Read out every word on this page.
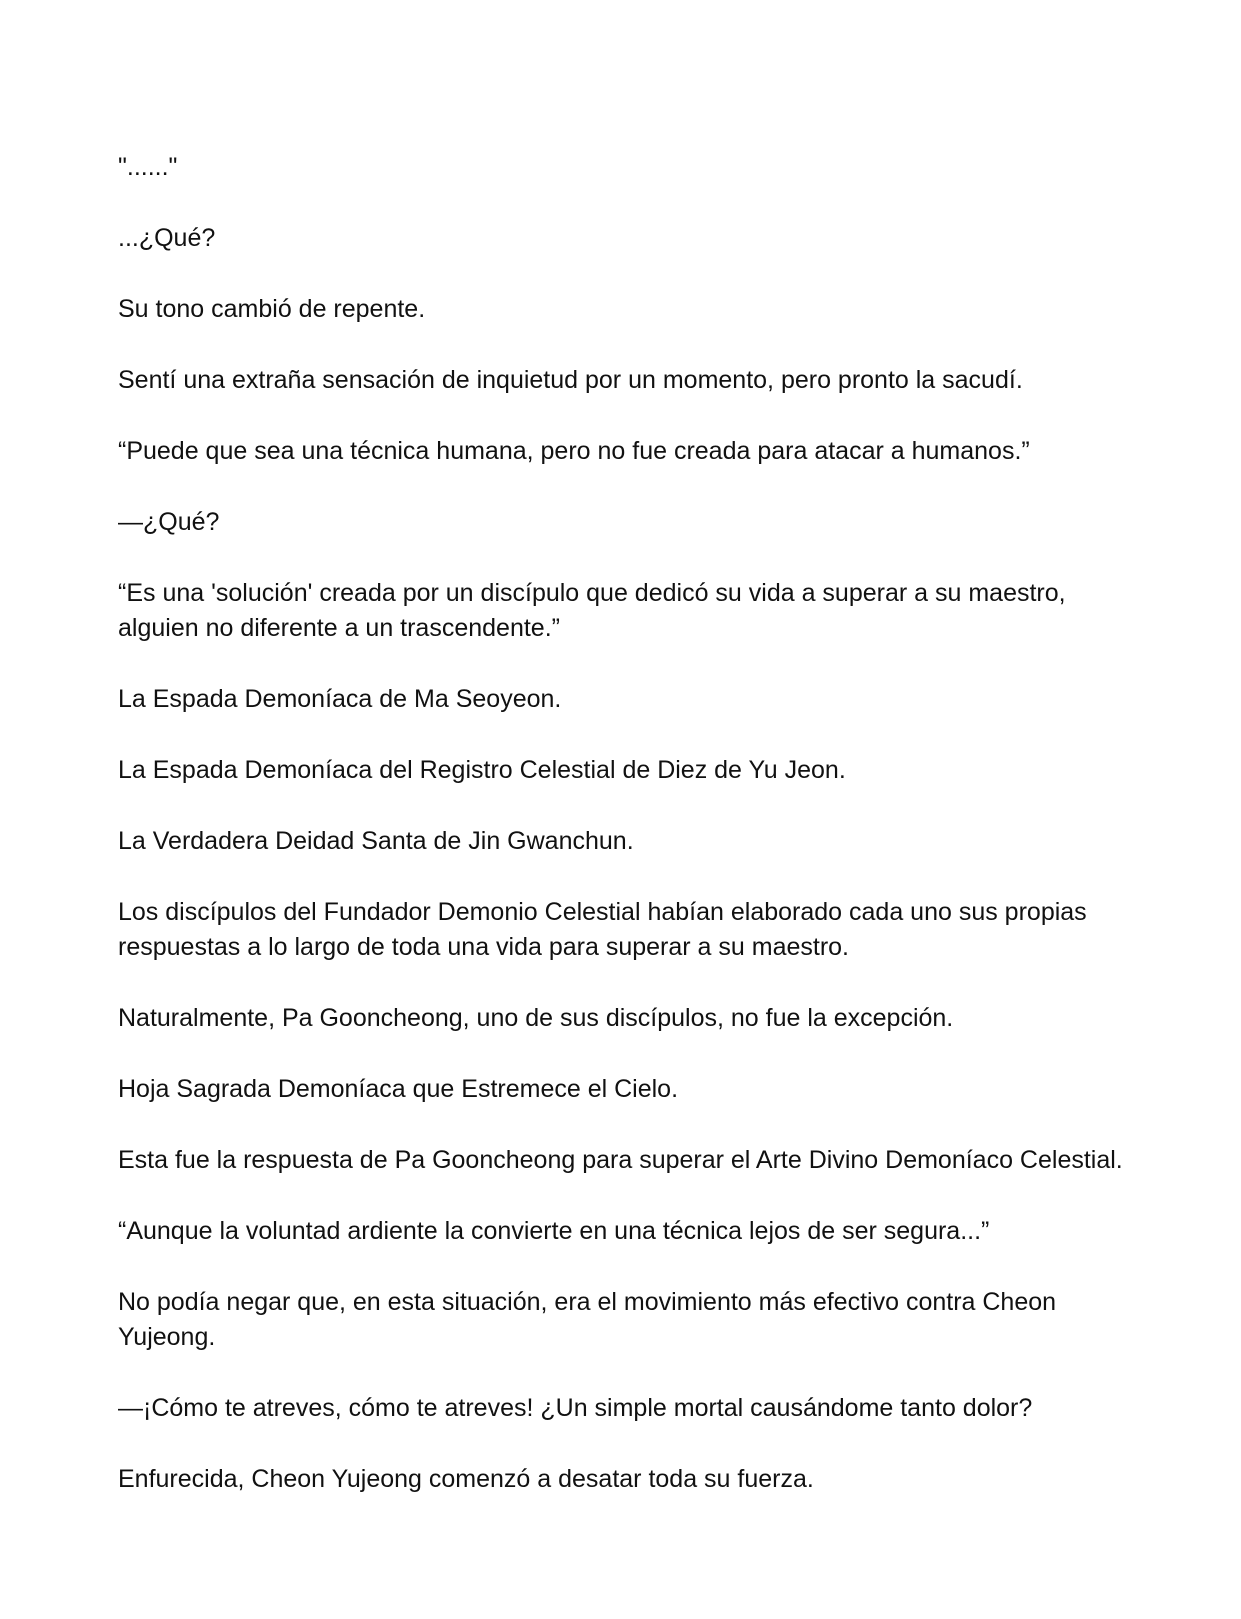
"......"

...¿Qué?

Su tono cambió de repente.

Sentí una extraña sensación de inquietud por un momento, pero pronto la sacudí.

“Puede que sea una técnica humana, pero no fue creada para atacar a humanos.”

—¿Qué?

“Es una 'solución' creada por un discípulo que dedicó su vida a superar a su maestro, alguien no diferente a un trascendente.”

La Espada Demoníaca de Ma Seoyeon.

La Espada Demoníaca del Registro Celestial de Diez de Yu Jeon.

La Verdadera Deidad Santa de Jin Gwanchun.

Los discípulos del Fundador Demonio Celestial habían elaborado cada uno sus propias respuestas a lo largo de toda una vida para superar a su maestro.

Naturalmente, Pa Gooncheong, uno de sus discípulos, no fue la excepción.

Hoja Sagrada Demoníaca que Estremece el Cielo.

Esta fue la respuesta de Pa Gooncheong para superar el Arte Divino Demoníaco Celestial.

“Aunque la voluntad ardiente la convierte en una técnica lejos de ser segura...”

No podía negar que, en esta situación, era el movimiento más efectivo contra Cheon Yujeong.

—¡Cómo te atreves, cómo te atreves! ¿Un simple mortal causándome tanto dolor?

Enfurecida, Cheon Yujeong comenzó a desatar toda su fuerza.
